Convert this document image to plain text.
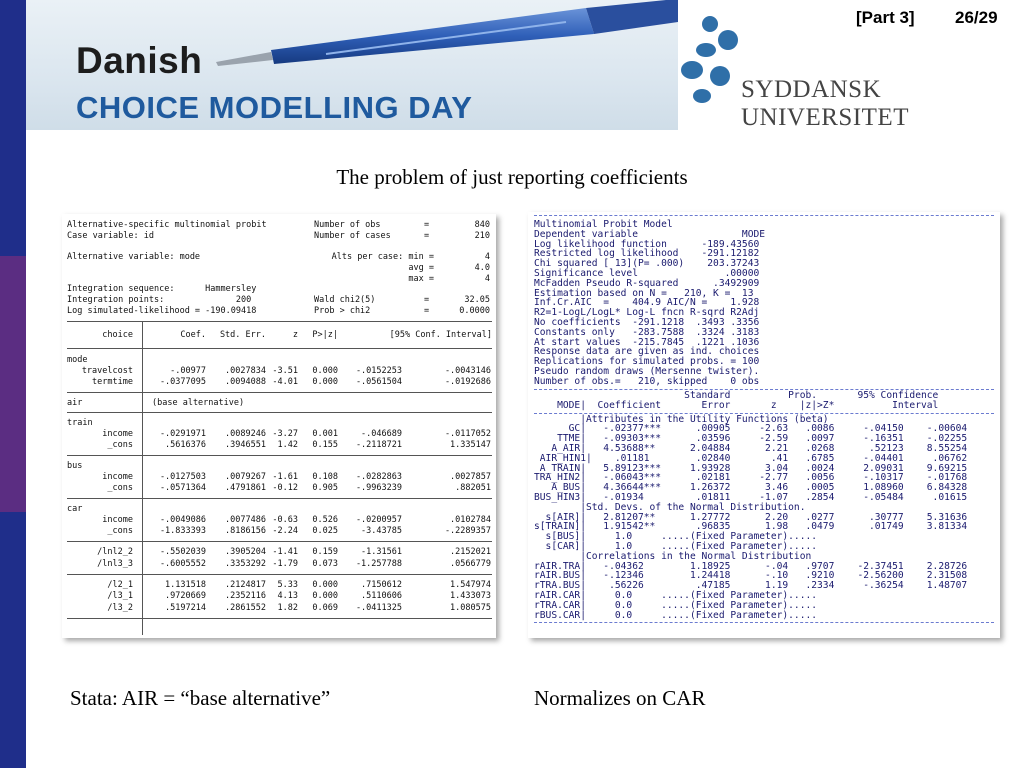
Danish
CHOICE MODELLING DAY
[Part 3] 26/29
SYDDANSK UNIVERSITET
The problem of just reporting coefficients
Alternative-specific multinomial probit
Case variable: id
Alternative variable: mode
Integration sequence:      Hammersley
Integration points:              200
Log simulated-likelihood = -190.09418
Number of obs	=	840
Number of cases	=	210
Alts per case: min =	4
avg =	4.0
max =	4
Wald chi2(5)	=	32.05
Prob > chi2	=	0.0000
choice	Coef.	Std. Err.	z	P>|z|	[95% Conf. Interval]
mode
travelcost	-.00977	.0027834 -3.51	0.000	-.0152253	-.0043146
termtime	-.0377095	.0094088 -4.01	0.000	-.0561504	-.0192686
air	(base alternative)
train
income	-.0291971	.0089246 -3.27	0.001	-.046689	-.0117052
_cons	.5616376	.3946551	1.42	0.155	-.2118721	1.335147
bus
income	-.0127503	.0079267 -1.61	0.108	-.0282863	.0027857
_cons	-.0571364	.4791861 -0.12	0.905	-.9963239	.882051
car
income	-.0049086	.0077486 -0.63	0.526	-.0200957	.0102784
_cons	-1.833393	.8186156 -2.24	0.025	-3.43785	-.2289357
/lnl2_2	-.5502039	.3905204 -1.41	0.159	-1.31561	.2152021
/lnl3_3	-.6005552	.3353292 -1.79	0.073	-1.257788	.0566779
/l2_1	1.131518	.2124817	5.33	0.000	.7150612	1.547974
/l3_1	.9720669	.2352116	4.13	0.000	.5110606	1.433073
/l3_2	.5197214	.2861552	1.82	0.069	-.0411325	1.080575
Multinomial Probit Model
Dependent variable                  MODE
Log likelihood function      -189.43560
Restricted log likelihood    -291.12182
Chi squared [ 13](P= .000)    203.37243
Significance level               .00000
McFadden Pseudo R-squared      .3492909
Estimation based on N =   210, K =  13
Inf.Cr.AIC  =    404.9 AIC/N =    1.928
R2=1-LogL/LogL* Log-L fncn R-sqrd R2Adj
No coefficients  -291.1218  .3493 .3356
Constants only   -283.7588  .3324 .3183
At start values  -215.7845  .1221 .1036
Response data are given as ind. choices
Replications for simulated probs. = 100
Pseudo random draws (Mersenne twister).
Number of obs.=   210, skipped    0 obs
Standard          Prob.       95% Confidence
MODE|  Coefficient       Error       z    |z|>Z*          Interval
|Attributes in the Utility Functions (beta)
GC|   -.02377***      .00905     -2.63   .0086     -.04150    -.00604
TTME|   -.09303***      .03596     -2.59   .0097     -.16351    -.02255
A_AIR|   4.53688**      2.04884      2.21   .0268      .52123    8.55254
AIR_HIN1|    .01181        .02840       .41   .6785     -.04401     .06762
A_TRAIN|   5.89123***     1.93928      3.04   .0024     2.09031    9.69215
TRA_HIN2|   -.06043***      .02181     -2.77   .0056     -.10317    -.01768
A_BUS|   4.36644***     1.26372      3.46   .0005     1.08960    6.84328
BUS_HIN3|   -.01934         .01811     -1.07   .2854     -.05484     .01615
|Std. Devs. of the Normal Distribution.
s[AIR]|   2.81207**      1.27772      2.20   .0277      .30777    5.31636
s[TRAIN]|   1.91542**       .96835      1.98   .0479      .01749    3.81334
s[BUS]|     1.0     .....(Fixed Parameter).....
s[CAR]|     1.0     .....(Fixed Parameter).....
|Correlations in the Normal Distribution
rAIR.TRA|   -.04362        1.18925      -.04   .9707    -2.37451    2.28726
rAIR.BUS|   -.12346        1.24418      -.10   .9210    -2.56200    2.31508
rTRA.BUS|    .56226         .47185      1.19   .2334     -.36254    1.48707
rAIR.CAR|     0.0     .....(Fixed Parameter).....
rTRA.CAR|     0.0     .....(Fixed Parameter).....
rBUS.CAR|     0.0     .....(Fixed Parameter).....
Stata: AIR = “base alternative”	Normalizes on CAR
